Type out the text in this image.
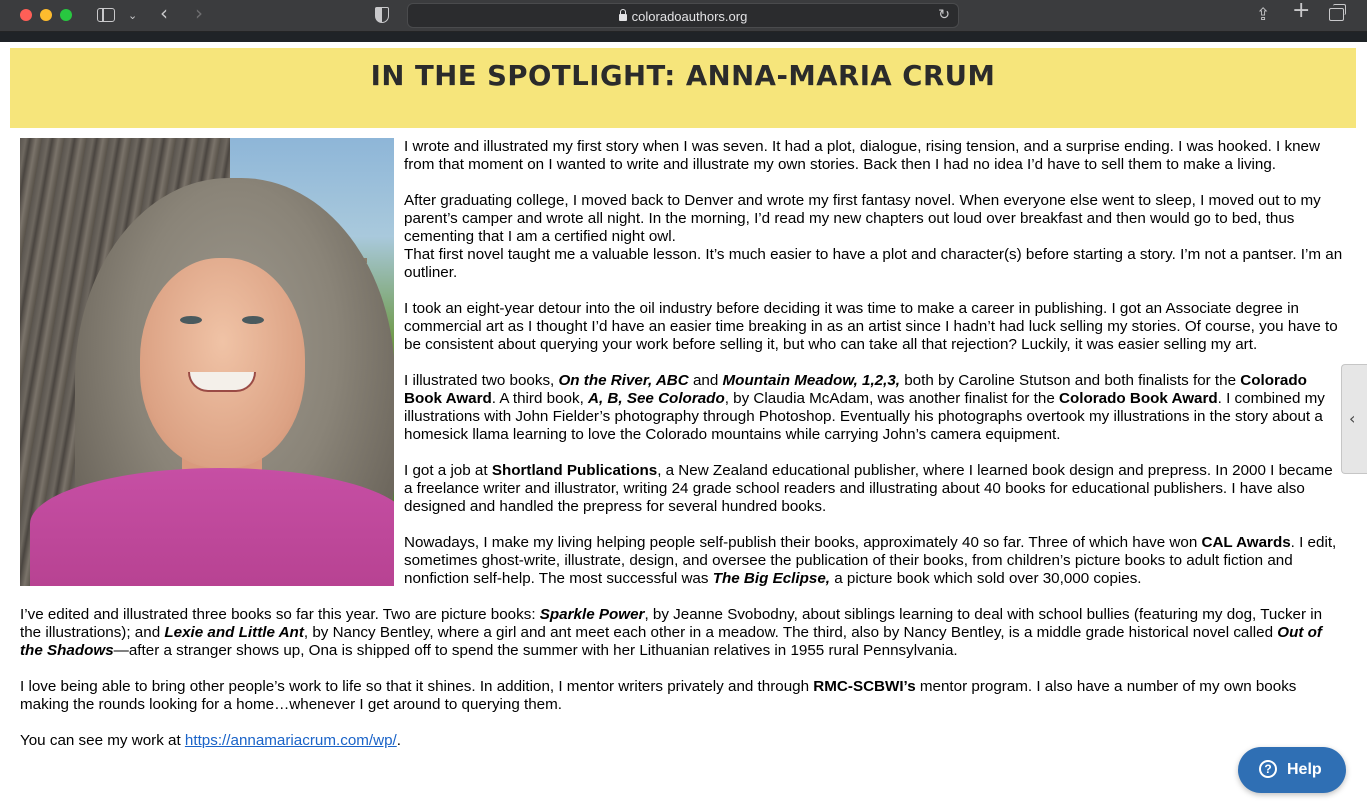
⌄ ‹ ›	coloradoauthors.org	↻	⇪ +
IN THE SPOTLIGHT: ANNA-MARIA CRUM

I wrote and illustrated my first story when I was seven. It had a plot, dialogue, rising tension, and a surprise ending. I was hooked. I knew from that moment on I wanted to write and illustrate my own stories. Back then I had no idea I’d have to sell them to make a living.

After graduating college, I moved back to Denver and wrote my first fantasy novel. When everyone else went to sleep, I moved out to my parent’s camper and wrote all night. In the morning, I’d read my new chapters out loud over breakfast and then would go to bed, thus cementing that I am a certified night owl.

That first novel taught me a valuable lesson. It’s much easier to have a plot and character(s) before starting a story. I’m not a pantser. I’m an outliner.

I took an eight-year detour into the oil industry before deciding it was time to make a career in publishing. I got an Associate degree in commercial art as I thought I’d have an easier time breaking in as an artist since I hadn’t had luck selling my stories. Of course, you have to be consistent about querying your work before selling it, but who can take all that rejection? Luckily, it was easier selling my art.

I illustrated two books, On the River, ABC and Mountain Meadow, 1,2,3, both by Caroline Stutson and both finalists for the Colorado Book Award. A third book, A, B, See Colorado, by Claudia McAdam, was another finalist for the Colorado Book Award. I combined my illustrations with John Fielder’s photography through Photoshop. Eventually his photographs overtook my illustrations in the story about a homesick llama learning to love the Colorado mountains while carrying John’s camera equipment.

I got a job at Shortland Publications, a New Zealand educational publisher, where I learned book design and prepress. In 2000 I became a freelance writer and illustrator, writing 24 grade school readers and illustrating about 40 books for educational publishers. I have also designed and handled the prepress for several hundred books.

Nowadays, I make my living helping people self-publish their books, approximately 40 so far. Three of which have won CAL Awards. I edit, sometimes ghost-write, illustrate, design, and oversee the publication of their books, from children’s picture books to adult fiction and nonfiction self-help. The most successful was The Big Eclipse, a picture book which sold over 30,000 copies.

I’ve edited and illustrated three books so far this year. Two are picture books: Sparkle Power, by Jeanne Svobodny, about siblings learning to deal with school bullies (featuring my dog, Tucker in the illustrations); and Lexie and Little Ant, by Nancy Bentley, where a girl and ant meet each other in a meadow. The third, also by Nancy Bentley, is a middle grade historical novel called Out of the Shadows—after a stranger shows up, Ona is shipped off to spend the summer with her Lithuanian relatives in 1955 rural Pennsylvania.

I love being able to bring other people’s work to life so that it shines. In addition, I mentor writers privately and through RMC-SCBWI’s mentor program. I also have a number of my own books making the rounds looking for a home…whenever I get around to querying them.

You can see my work at https://annamariacrum.com/wp/.

‹
? Help
